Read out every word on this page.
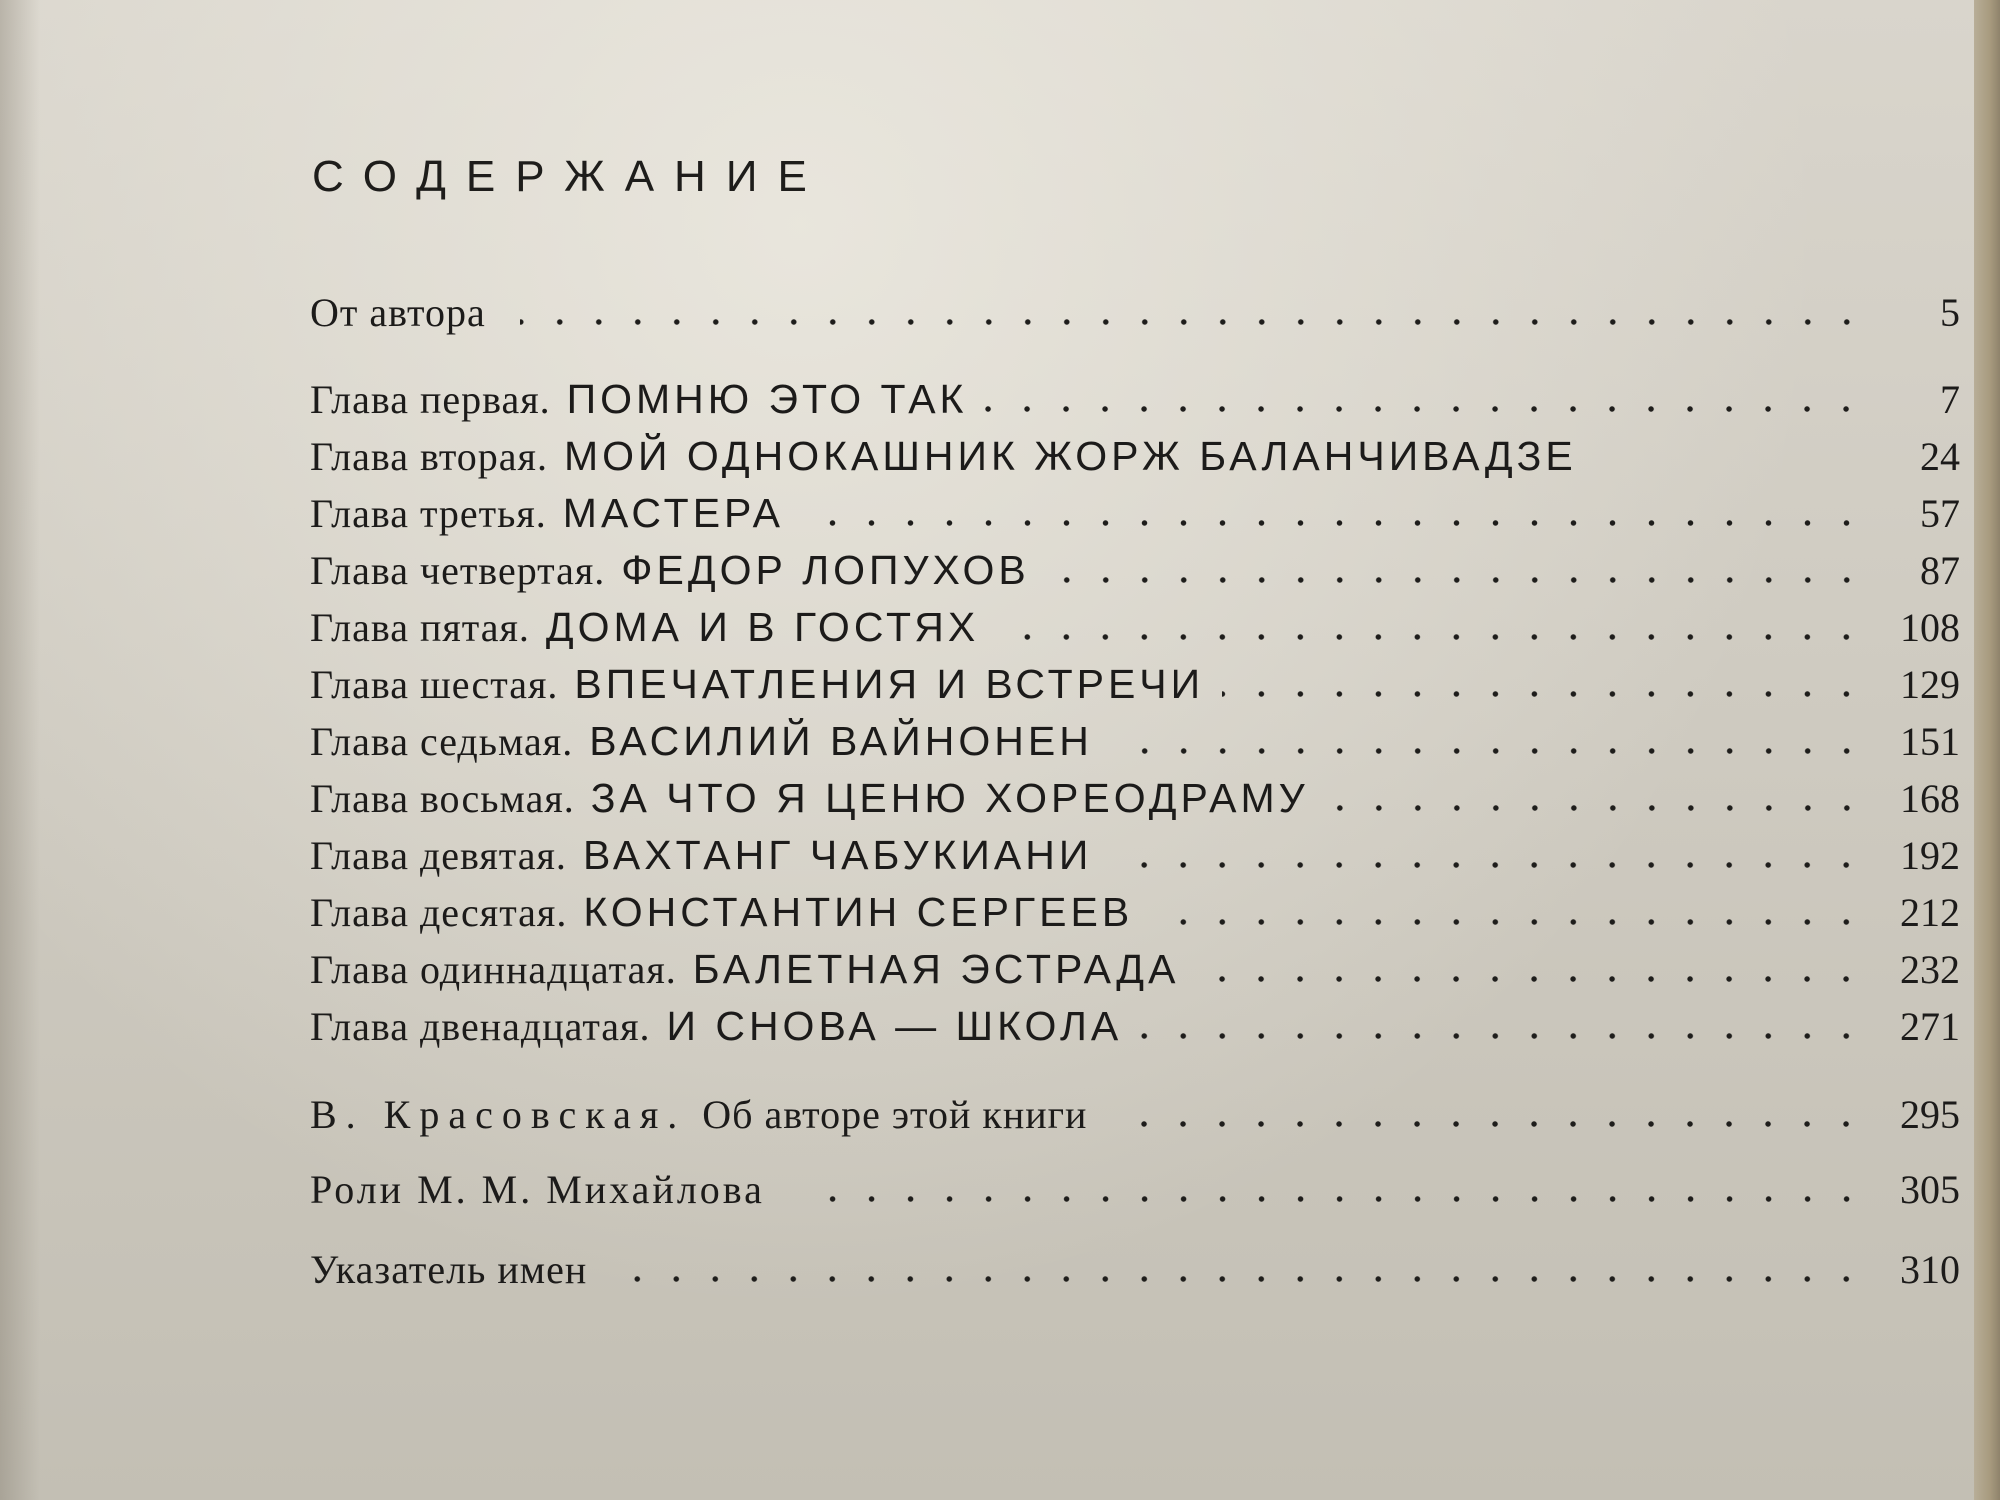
СОДЕРЖАНИЕ
От автора	5
Глава первая. ПОМНЮ ЭТО ТАК	7
Глава вторая. МОЙ ОДНОКАШНИК ЖОРЖ БАЛАНЧИВАДЗЕ	24
Глава третья. МАСТЕРА	57
Глава четвертая. ФЕДОР ЛОПУХОВ	87
Глава пятая. ДОМА И В ГОСТЯХ	108
Глава шестая. ВПЕЧАТЛЕНИЯ И ВСТРЕЧИ	129
Глава седьмая. ВАСИЛИЙ ВАЙНОНЕН	151
Глава восьмая. ЗА ЧТО Я ЦЕНЮ ХОРЕОДРАМУ	168
Глава девятая. ВАХТАНГ ЧАБУКИАНИ	192
Глава десятая. КОНСТАНТИН СЕРГЕЕВ	212
Глава одиннадцатая. БАЛЕТНАЯ ЭСТРАДА	232
Глава двенадцатая. И СНОВА — ШКОЛА	271
В. Красовская. Об авторе этой книги	295
Роли М. М. Михайлова	305
Указатель имен	310
